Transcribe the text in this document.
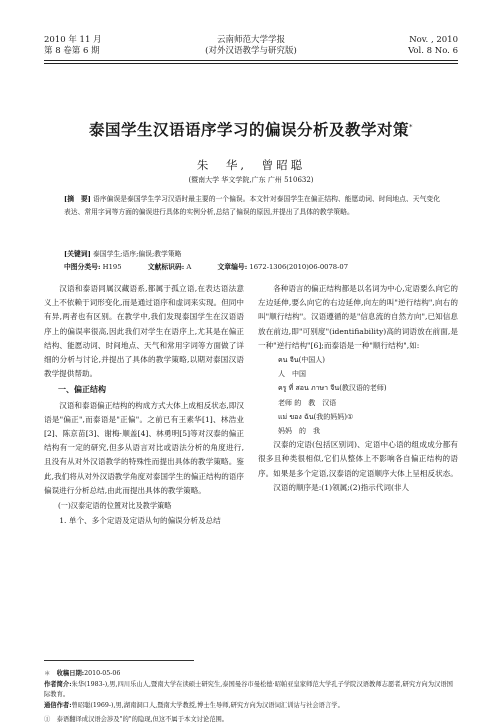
2010 年 11 月
第 8 卷第 6 期
云南师范大学学报
(对外汉语教学与研究版)
Nov. , 2010
Vol. 8 No. 6
泰国学生汉语语序学习的偏误分析及教学对策*
朱　华,　曾昭聪
(暨南大学 华文学院,广东 广州 510632)
[摘　要] 语序偏误是泰国学生学习汉语时最主要的一个偏误。本文针对泰国学生在偏正结构、能愿动词、时间地点、天气变化表达、常用字词等方面的偏误进行具体的实例分析,总结了偏误的原因,并提出了具体的教学策略。
[关键词] 泰国学生;语序;偏误;教学策略
中图分类号: H195	文献标识码: A	文章编号: 1672-1306(2010)06-0078-07

汉语和泰语同属汉藏语系,都属于孤立语,在表达语法意义上不依赖于词形变化,而是通过语序和虚词来实现。但同中有异,两者也有区别。在教学中,我们发现泰国学生在汉语语序上的偏误率很高,因此我们对学生在语序上,尤其是在偏正结构、能愿动词、时间地点、天气和常用字词等方面做了详细的分析与讨论,并提出了具体的教学策略,以期对泰国汉语教学提供帮助。

一、偏正结构

汉语和泰语偏正结构的构成方式大体上成相反状态,即汉语是"偏正",而泰语是"正偏"。之前已有王素华[1]、林浩业[2]、陈京苗[3]、谢梅·顺盖[4]、林勇明[5]等对汉泰的偏正结构有一定的研究,但多从语言对比或语法分析的角度进行,且没有从对外汉语教学的特殊性而提出具体的教学策略。鉴此,我们将从对外汉语教学角度对泰国学生的偏正结构的语序偏误进行分析总结,由此而提出具体的教学策略。

(一)汉泰定语的位置对比及教学策略

1. 单个、多个定语及定语从句的偏误分析及总结

各种语言的偏正结构都是以名词为中心,定语要么向它的左边延伸,要么向它的右边延伸,向左的叫"逆行结构",向右的叫"顺行结构"。汉语遵循的是"信息流的自然方向",已知信息放在前边,即"可别度"(identifiability)高的词语放在前面,是一种"逆行结构"[6];而泰语是一种"顺行结构",如:

คน จีน(中国人)
人　中国
ครู ที่ สอน ภาษา จีน(教汉语的老师)
老师 的　教　汉语
แม่ ของ ฉัน(我的妈妈)①
妈妈　的　我

汉泰的定语(包括区别词)、定语中心语的组成成分都有很多且种类很相似,它们从整体上不影响各自偏正结构的语序。如果是多个定语,汉泰语的定语顺序大体上呈相反状态。

汉语的顺序是:(1)领属;(2)指示代词(非人

＊　收稿日期:2010-05-06

作者简介:朱华(1983-),男,四川乐山人,暨南大学在读硕士研究生,泰国曼谷市曼松德·昭帕亚皇家师范大学孔子学院汉语教师志愿者,研究方向为汉语国际教育。

通信作者:曾昭聪(1969-),男,湖南洞口人,暨南大学教授,博士生导师,研究方向为汉语词汇训诂与社会语言学。

①　泰语翻译成汉语会涉及"的"的隐现,但这不属于本文讨论范围。
